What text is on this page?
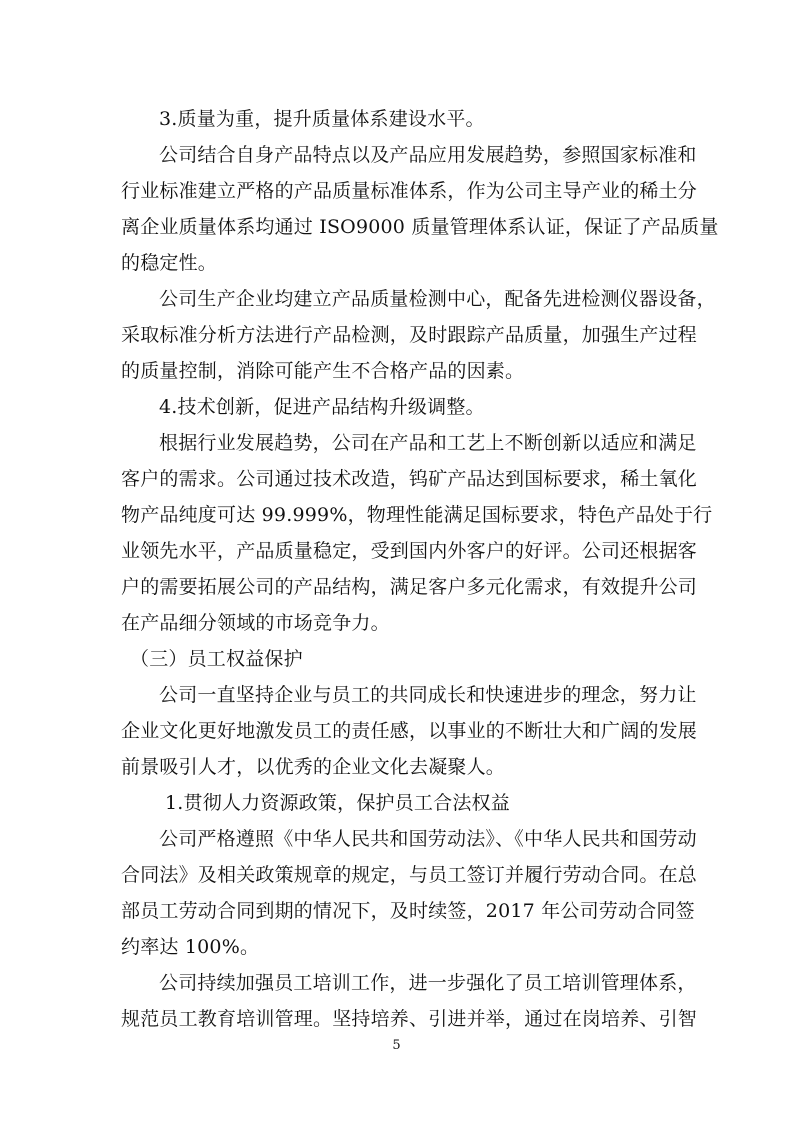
3.质量为重，提升质量体系建设水平。
公司结合自身产品特点以及产品应用发展趋势，参照国家标准和
行业标准建立严格的产品质量标准体系，作为公司主导产业的稀土分
离企业质量体系均通过 ISO9000 质量管理体系认证，保证了产品质量
的稳定性。
公司生产企业均建立产品质量检测中心，配备先进检测仪器设备，
采取标准分析方法进行产品检测，及时跟踪产品质量，加强生产过程
的质量控制，消除可能产生不合格产品的因素。
4.技术创新，促进产品结构升级调整。
根据行业发展趋势，公司在产品和工艺上不断创新以适应和满足
客户的需求。公司通过技术改造，钨矿产品达到国标要求，稀土氧化
物产品纯度可达 99.999%，物理性能满足国标要求，特色产品处于行
业领先水平，产品质量稳定，受到国内外客户的好评。公司还根据客
户的需要拓展公司的产品结构，满足客户多元化需求，有效提升公司
在产品细分领域的市场竞争力。
（三）员工权益保护
公司一直坚持企业与员工的共同成长和快速进步的理念，努力让
企业文化更好地激发员工的责任感，以事业的不断壮大和广阔的发展
前景吸引人才，以优秀的企业文化去凝聚人。
1.贯彻人力资源政策，保护员工合法权益
公司严格遵照《中华人民共和国劳动法》、《中华人民共和国劳动
合同法》及相关政策规章的规定，与员工签订并履行劳动合同。在总
部员工劳动合同到期的情况下，及时续签，2017 年公司劳动合同签
约率达 100%。
公司持续加强员工培训工作，进一步强化了员工培训管理体系，
规范员工教育培训管理。坚持培养、引进并举，通过在岗培养、引智
5
